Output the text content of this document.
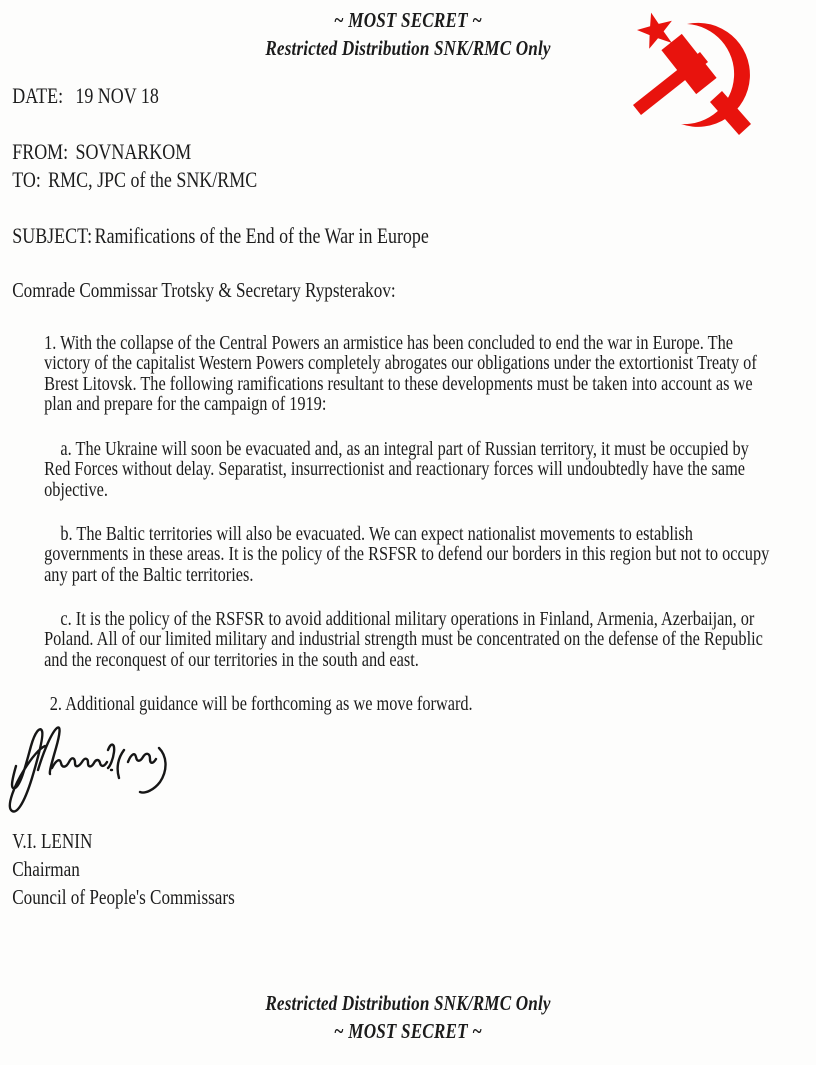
~ MOST SECRET ~
Restricted Distribution SNK/RMC Only
DATE: 19 NOV 18
FROM: SOVNARKOM
TO: RMC, JPC of the SNK/RMC
SUBJECT: Ramifications of the End of the War in Europe
Comrade Commissar Trotsky & Secretary Rypsterakov:

1. With the collapse of the Central Powers an armistice has been concluded to end the war in Europe. The victory of the capitalist Western Powers completely abrogates our obligations under the extortionist Treaty of Brest Litovsk. The following ramifications resultant to these developments must be taken into account as we plan and prepare for the campaign of 1919:

a. The Ukraine will soon be evacuated and, as an integral part of Russian territory, it must be occupied by Red Forces without delay. Separatist, insurrectionist and reactionary forces will undoubtedly have the same objective.

b. The Baltic territories will also be evacuated. We can expect nationalist movements to establish governments in these areas. It is the policy of the RSFSR to defend our borders in this region but not to occupy any part of the Baltic territories.

c. It is the policy of the RSFSR to avoid additional military operations in Finland, Armenia, Azerbaijan, or Poland. All of our limited military and industrial strength must be concentrated on the defense of the Republic and the reconquest of our territories in the south and east.

2. Additional guidance will be forthcoming as we move forward.

V.I. LENIN
Chairman
Council of People's Commissars
Restricted Distribution SNK/RMC Only
~ MOST SECRET ~
